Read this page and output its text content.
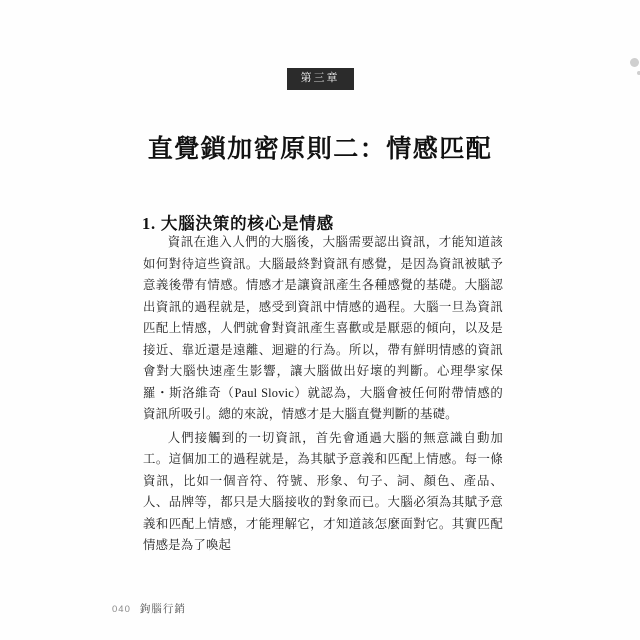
第三章
直覺鎖加密原則二：情感匹配
1. 大腦決策的核心是情感

資訊在進入人們的大腦後，大腦需要認出資訊，才能知道該如何對待這些資訊。大腦最終對資訊有感覺，是因為資訊被賦予意義後帶有情感。情感才是讓資訊產生各種感覺的基礎。大腦認出資訊的過程就是，感受到資訊中情感的過程。大腦一旦為資訊匹配上情感，人們就會對資訊產生喜歡或是厭惡的傾向，以及是接近、靠近還是遠離、迴避的行為。所以，帶有鮮明情感的資訊會對大腦快速產生影響，讓大腦做出好壞的判斷。心理學家保羅・斯洛維奇（Paul Slovic）就認為，大腦會被任何附帶情感的資訊所吸引。總的來說，情感才是大腦直覺判斷的基礎。

人們接觸到的一切資訊，首先會通過大腦的無意識自動加工。這個加工的過程就是，為其賦予意義和匹配上情感。每一條資訊，比如一個音符、符號、形象、句子、詞、顏色、產品、人、品牌等，都只是大腦接收的對象而已。大腦必須為其賦予意義和匹配上情感，才能理解它，才知道該怎麼面對它。其實匹配情感是為了喚起

040 鉤腦行銷
